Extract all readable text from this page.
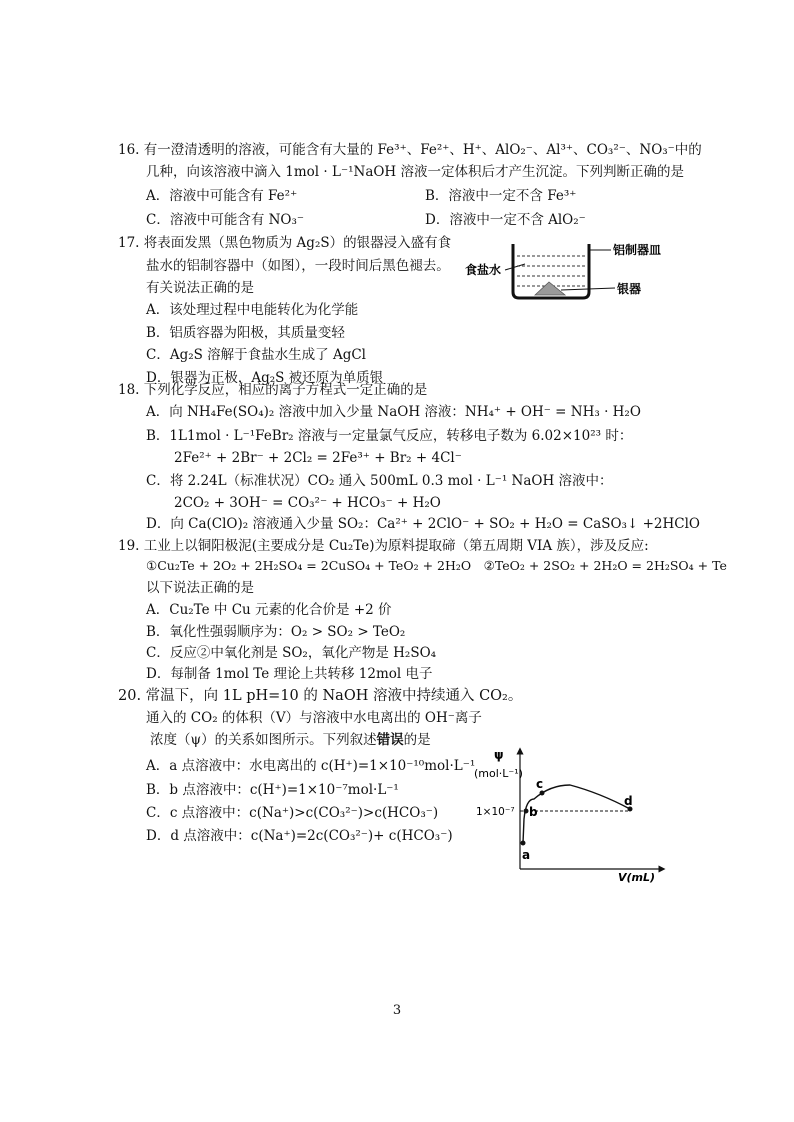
16. 有一澄清透明的溶液，可能含有大量的 Fe³⁺、Fe²⁺、H⁺、AlO₂⁻、Al³⁺、CO₃²⁻、NO₃⁻中的
几种，向该溶液中滴入 1mol · L⁻¹NaOH 溶液一定体积后才产生沉淀。下列判断正确的是
A．溶液中可能含有 Fe²⁺	B．溶液中一定不含 Fe³⁺
C．溶液中可能含有 NO₃⁻	D．溶液中一定不含 AlO₂⁻
17. 将表面发黑（黑色物质为 Ag₂S）的银器浸入盛有食
盐水的铝制容器中（如图），一段时间后黑色褪去。
有关说法正确的是
A．该处理过程中电能转化为化学能
B．铝质容器为阳极，其质量变轻
C．Ag₂S 溶解于食盐水生成了 AgCl
D．银器为正极，Ag₂S 被还原为单质银
铝制器皿
食盐水
银器
18. 下列化学反应，相应的离子方程式一定正确的是
A．向 NH₄Fe(SO₄)₂ 溶液中加入少量 NaOH 溶液：NH₄⁺ + OH⁻ = NH₃ · H₂O
B．1L1mol · L⁻¹FeBr₂ 溶液与一定量氯气反应，转移电子数为 6.02×10²³ 时：
2Fe²⁺ + 2Br⁻ + 2Cl₂ = 2Fe³⁺ + Br₂ + 4Cl⁻
C．将 2.24L（标准状况）CO₂ 通入 500mL 0.3 mol · L⁻¹ NaOH 溶液中：
2CO₂ + 3OH⁻ = CO₃²⁻ + HCO₃⁻ + H₂O
D．向 Ca(ClO)₂ 溶液通入少量 SO₂：Ca²⁺ + 2ClO⁻ + SO₂ + H₂O = CaSO₃↓ +2HClO
19. 工业上以铜阳极泥(主要成分是 Cu₂Te)为原料提取碲（第五周期 VIA 族），涉及反应:
①Cu₂Te + 2O₂ + 2H₂SO₄ = 2CuSO₄ + TeO₂ + 2H₂O　②TeO₂ + 2SO₂ + 2H₂O = 2H₂SO₄ + Te
以下说法正确的是
A．Cu₂Te 中 Cu 元素的化合价是 +2 价
B．氧化性强弱顺序为：O₂ > SO₂ > TeO₂
C．反应②中氧化剂是 SO₂，氧化产物是 H₂SO₄
D．每制备 1mol Te 理论上共转移 12mol 电子
20. 常温下，向 1L pH=10 的 NaOH 溶液中持续通入 CO₂。
通入的 CO₂ 的体积（V）与溶液中水电离出的 OH⁻离子
浓度（ψ）的关系如图所示。下列叙述错误的是
A．a 点溶液中：水电离出的 c(H⁺)=1×10⁻¹⁰mol·L⁻¹
B．b 点溶液中：c(H⁺)=1×10⁻⁷mol·L⁻¹
C．c 点溶液中：c(Na⁺)>c(CO₃²⁻)>c(HCO₃⁻)
D．d 点溶液中：c(Na⁺)=2c(CO₃²⁻)+ c(HCO₃⁻)
a
b
c
d
ψ
(mol·L⁻¹)
1×10⁻⁷
V(mL)
3
